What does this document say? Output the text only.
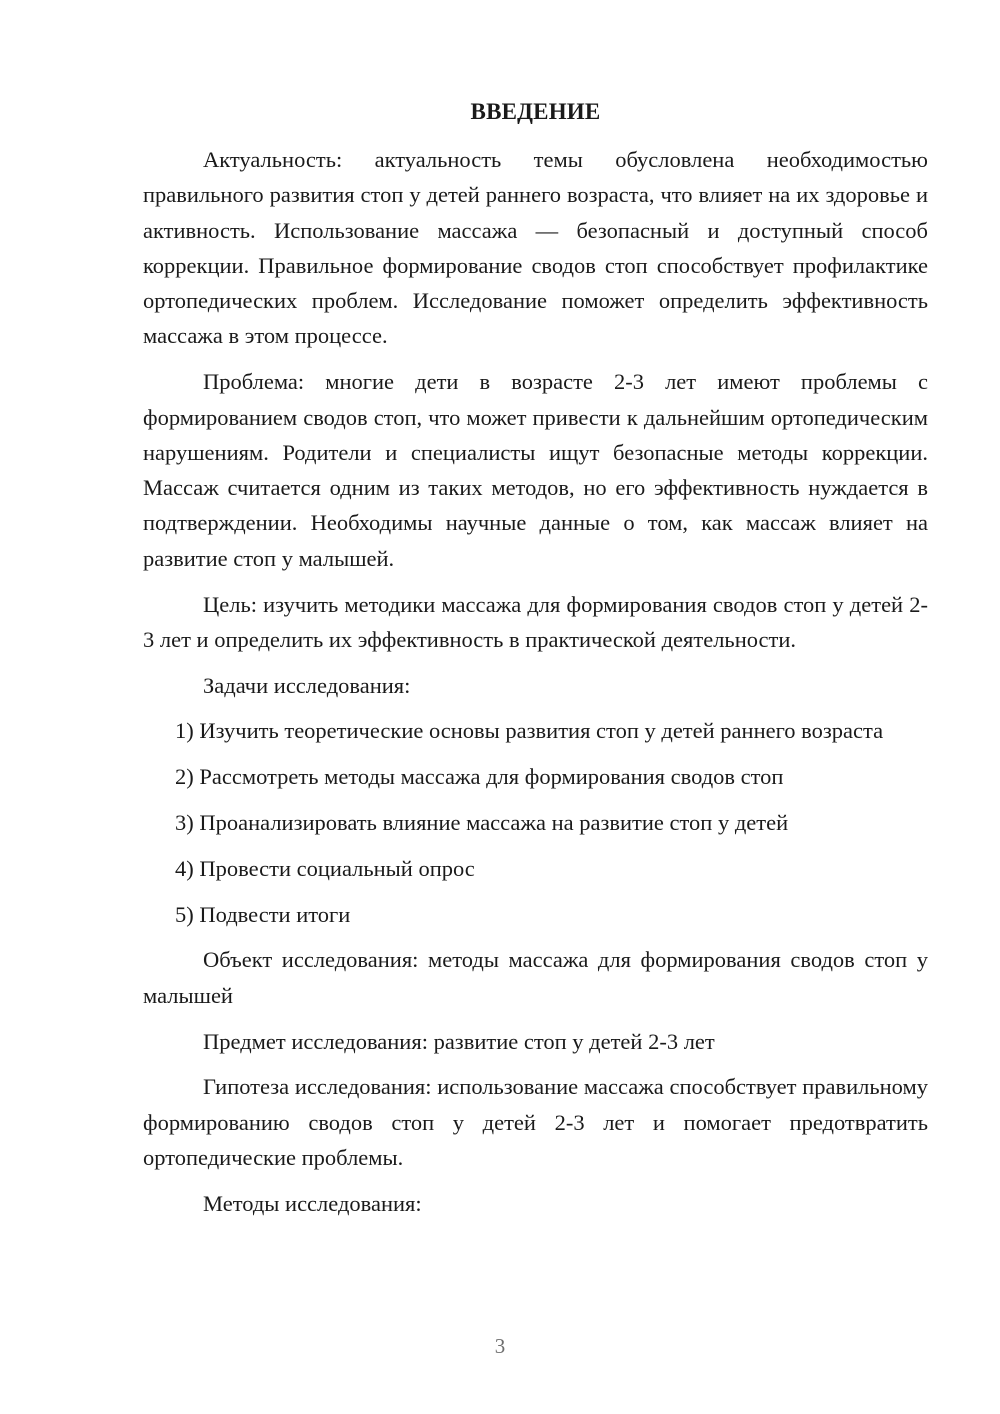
ВВЕДЕНИЕ

Актуальность: актуальность темы обусловлена необходимостью правильного развития стоп у детей раннего возраста, что влияет на их здоровье и активность. Использование массажа — безопасный и доступный способ коррекции. Правильное формирование сводов стоп способствует профилактике ортопедических проблем. Исследование поможет определить эффективность массажа в этом процессе.

Проблема: многие дети в возрасте 2-3 лет имеют проблемы с формированием сводов стоп, что может привести к дальнейшим ортопедическим нарушениям. Родители и специалисты ищут безопасные методы коррекции. Массаж считается одним из таких методов, но его эффективность нуждается в подтверждении. Необходимы научные данные о том, как массаж влияет на развитие стоп у малышей.

Цель: изучить методики массажа для формирования сводов стоп у детей 2-3 лет и определить их эффективность в практической деятельности.

Задачи исследования:

1) Изучить теоретические основы развития стоп у детей раннего возраста

2) Рассмотреть методы массажа для формирования сводов стоп

3) Проанализировать влияние массажа на развитие стоп у детей

4) Провести социальный опрос

5) Подвести итоги

Объект исследования: методы массажа для формирования сводов стоп у малышей

Предмет исследования: развитие стоп у детей 2-3 лет

Гипотеза исследования: использование массажа способствует правильному формированию сводов стоп у детей 2-3 лет и помогает предотвратить ортопедические проблемы.

Методы исследования:

3
